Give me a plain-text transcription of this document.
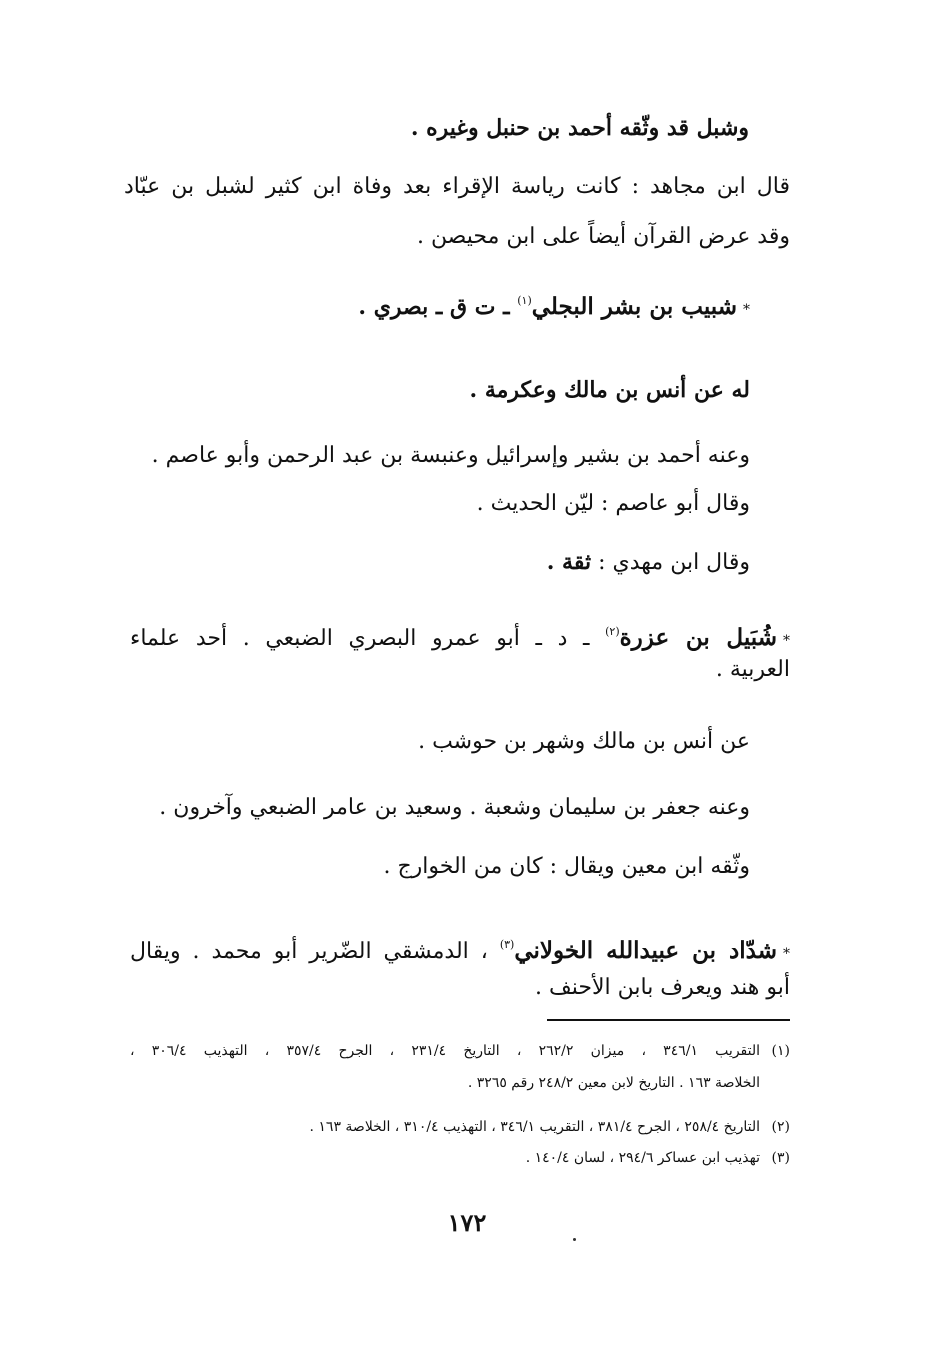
وشبل قد وثّقه أحمد بن حنبل وغيره .
قال ابن مجاهد : كانت رياسة الإقراء بعد وفاة ابن كثير لشبل بن عبّاد
وقد عرض القرآن أيضاً على ابن محيصن .
*شبيب بن بشر البجلي$^{(١)}$ ـ ت ق ـ بصري .
له عن أنس بن مالك وعكرمة .
وعنه أحمد بن بشير وإسرائيل وعنبسة بن عبد الرحمن وأبو عاصم .
وقال أبو عاصم : ليّن الحديث .
وقال ابن مهدي : ثقة .
*شُبَيل بن عزرة$^{(٢)}$ ـ د ـ أبو عمرو البصري الضبعي . أحد علماء
العربية .
عن أنس بن مالك وشهر بن حوشب .
وعنه جعفر بن سليمان وشعبة . وسعيد بن عامر الضبعي وآخرون .
وثّقه ابن معين ويقال : كان من الخوارج .
*شدّاد بن عبيدالله الخولاني$^{(٣)}$ ، الدمشقي الضّرير أبو محمد . ويقال
أبو هند ويعرف بابن الأحنف .
(١)التقريب ٣٤٦/١ ، ميزان ٢٦٢/٢ ، التاريخ ٢٣١/٤ ، الجرح ٣٥٧/٤ ، التهذيب ٣٠٦/٤ ،
الخلاصة ١٦٣ . التاريخ لابن معين ٢٤٨/٢ رقم ٣٢٦٥ .
(٢)التاريخ ٢٥٨/٤ ، الجرح ٣٨١/٤ ، التقريب ٣٤٦/١ ، التهذيب ٣١٠/٤ ، الخلاصة ١٦٣ .
(٣)تهذيب ابن عساكر ٢٩٤/٦ ، لسان ١٤٠/٤ .
١٧٢
